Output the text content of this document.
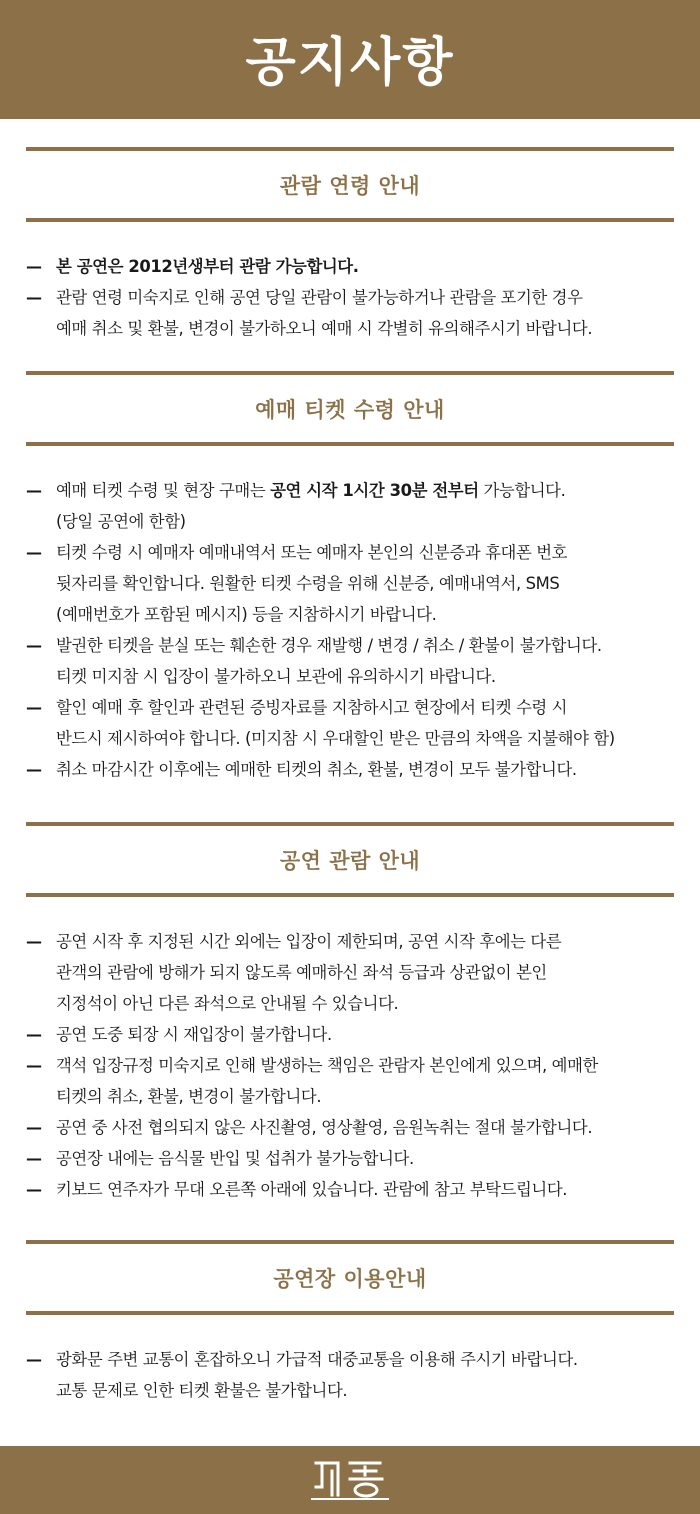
공지사항
관람 연령 안내
— 본 공연은 2012년생부터 관람 가능합니다.
— 관람 연령 미숙지로 인해 공연 당일 관람이 불가능하거나 관람을 포기한 경우
예매 취소 및 환불, 변경이 불가하오니 예매 시 각별히 유의해주시기 바랍니다.
예매 티켓 수령 안내
— 예매 티켓 수령 및 현장 구매는 공연 시작 1시간 30분 전부터 가능합니다.
(당일 공연에 한함)
— 티켓 수령 시 예매자 예매내역서 또는 예매자 본인의 신분증과 휴대폰 번호
뒷자리를 확인합니다. 원활한 티켓 수령을 위해 신분증, 예매내역서, SMS
(예매번호가 포함된 메시지) 등을 지참하시기 바랍니다.
— 발권한 티켓을 분실 또는 훼손한 경우 재발행 / 변경 / 취소 / 환불이 불가합니다.
티켓 미지참 시 입장이 불가하오니 보관에 유의하시기 바랍니다.
— 할인 예매 후 할인과 관련된 증빙자료를 지참하시고 현장에서 티켓 수령 시
반드시 제시하여야 합니다. (미지참 시 우대할인 받은 만큼의 차액을 지불해야 함)
— 취소 마감시간 이후에는 예매한 티켓의 취소, 환불, 변경이 모두 불가합니다.
공연 관람 안내
— 공연 시작 후 지정된 시간 외에는 입장이 제한되며, 공연 시작 후에는 다른
관객의 관람에 방해가 되지 않도록 예매하신 좌석 등급과 상관없이 본인
지정석이 아닌 다른 좌석으로 안내될 수 있습니다.
— 공연 도중 퇴장 시 재입장이 불가합니다.
— 객석 입장규정 미숙지로 인해 발생하는 책임은 관람자 본인에게 있으며, 예매한
티켓의 취소, 환불, 변경이 불가합니다.
— 공연 중 사전 협의되지 않은 사진촬영, 영상촬영, 음원녹취는 절대 불가합니다.
— 공연장 내에는 음식물 반입 및 섭취가 불가능합니다.
— 키보드 연주자가 무대 오른쪽 아래에 있습니다. 관람에 참고 부탁드립니다.
공연장 이용안내
— 광화문 주변 교통이 혼잡하오니 가급적 대중교통을 이용해 주시기 바랍니다.
교통 문제로 인한 티켓 환불은 불가합니다.
